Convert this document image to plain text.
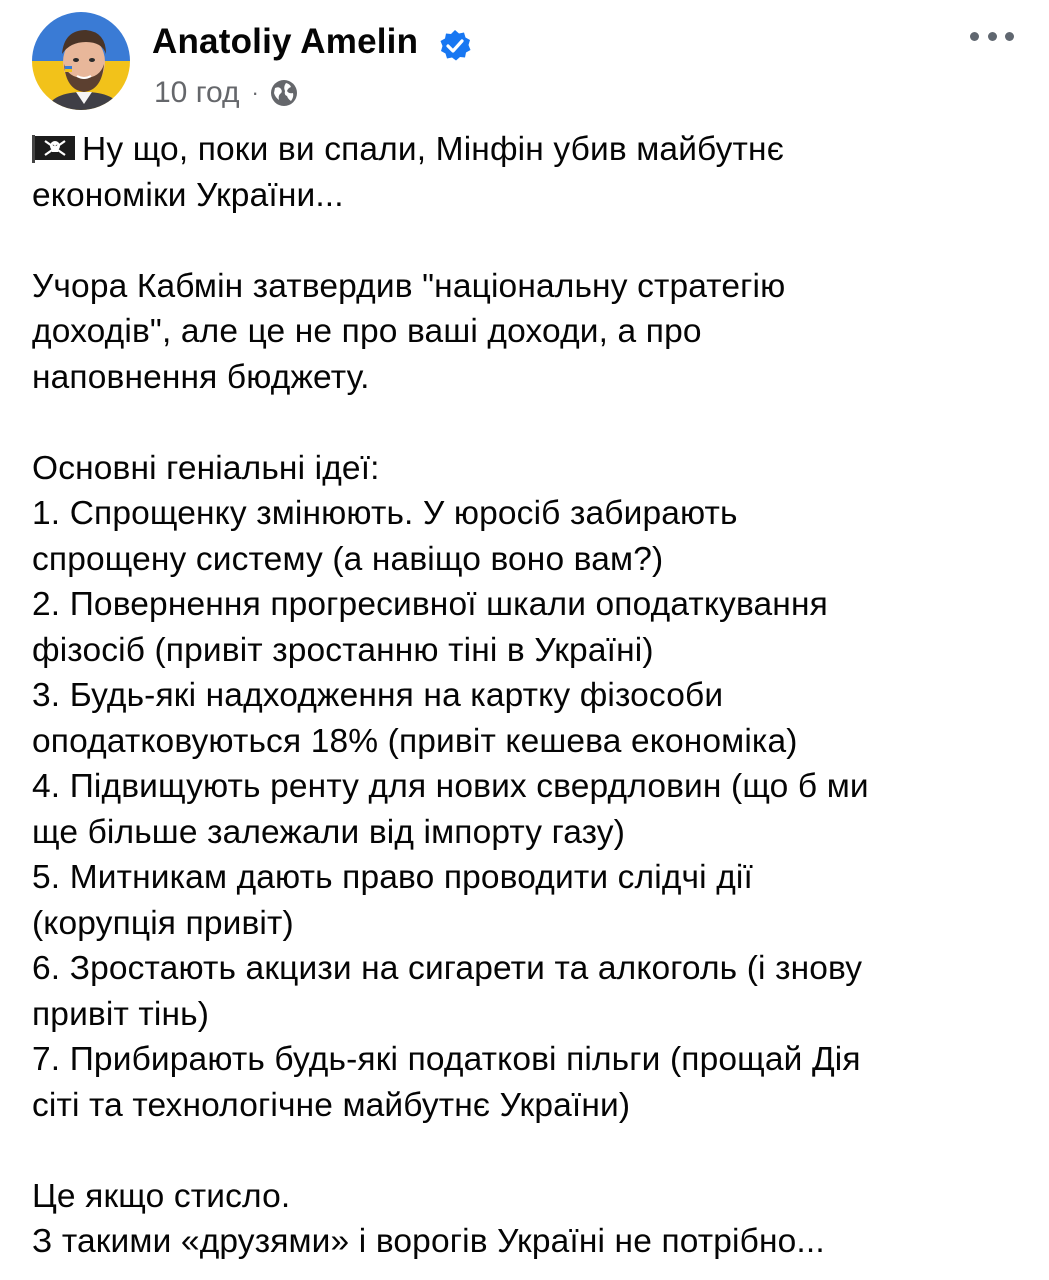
Anatoliy Amelin
10 год ·
Ну що, поки ви спали, Мінфін убив майбутнє
економіки України...
Учора Кабмін затвердив "національну стратегію
доходів", але це не про ваші доходи, а про
наповнення бюджету.
Основні геніальні ідеї:
1. Спрощенку змінюють. У юросіб забирають
спрощену систему (а навіщо воно вам?)
2. Повернення прогресивної шкали оподаткування
фізосіб (привіт зростанню тіні в Україні)
3. Будь-які надходження на картку фізособи
оподатковуються 18% (привіт кешева економіка)
4. Підвищують ренту для нових свердловин (що б ми
ще більше залежали від імпорту газу)
5. Митникам дають право проводити слідчі дії
(корупція привіт)
6. Зростають акцизи на сигарети та алкоголь (і знову
привіт тінь)
7. Прибирають будь-які податкові пільги (прощай Дія
сіті та технологічне майбутнє України)
Це якщо стисло.
З такими «друзями» і ворогів Україні не потрібно...
